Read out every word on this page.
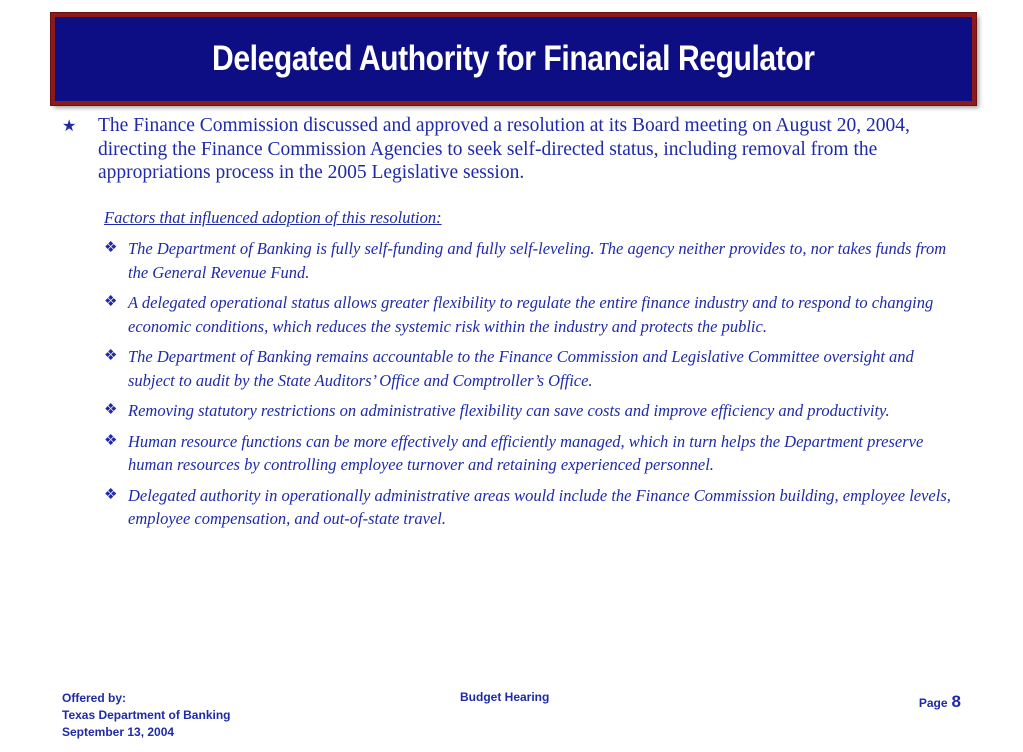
Delegated Authority for Financial Regulator
★	The Finance Commission discussed and approved a resolution at its Board meeting on August 20, 2004, directing the Finance Commission Agencies to seek self-directed status, including removal from the appropriations process in the 2005 Legislative session.
Factors that influenced adoption of this resolution:
❖ The Department of Banking is fully self-funding and fully self-leveling. The agency neither provides to, nor takes funds from the General Revenue Fund.
❖ A delegated operational status allows greater flexibility to regulate the entire finance industry and to respond to changing economic conditions, which reduces the systemic risk within the industry and protects the public.
❖ The Department of Banking remains accountable to the Finance Commission and Legislative Committee oversight and subject to audit by the State Auditors’ Office and Comptroller’s Office.
❖ Removing statutory restrictions on administrative flexibility can save costs and improve efficiency and productivity.
❖ Human resource functions can be more effectively and efficiently managed, which in turn helps the Department preserve human resources by controlling employee turnover and retaining experienced personnel.
❖ Delegated authority in operationally administrative areas would include the Finance Commission building, employee levels, employee compensation, and out-of-state travel.
Offered by:
Texas Department of Banking
September 13, 2004
Budget Hearing	Page 8
